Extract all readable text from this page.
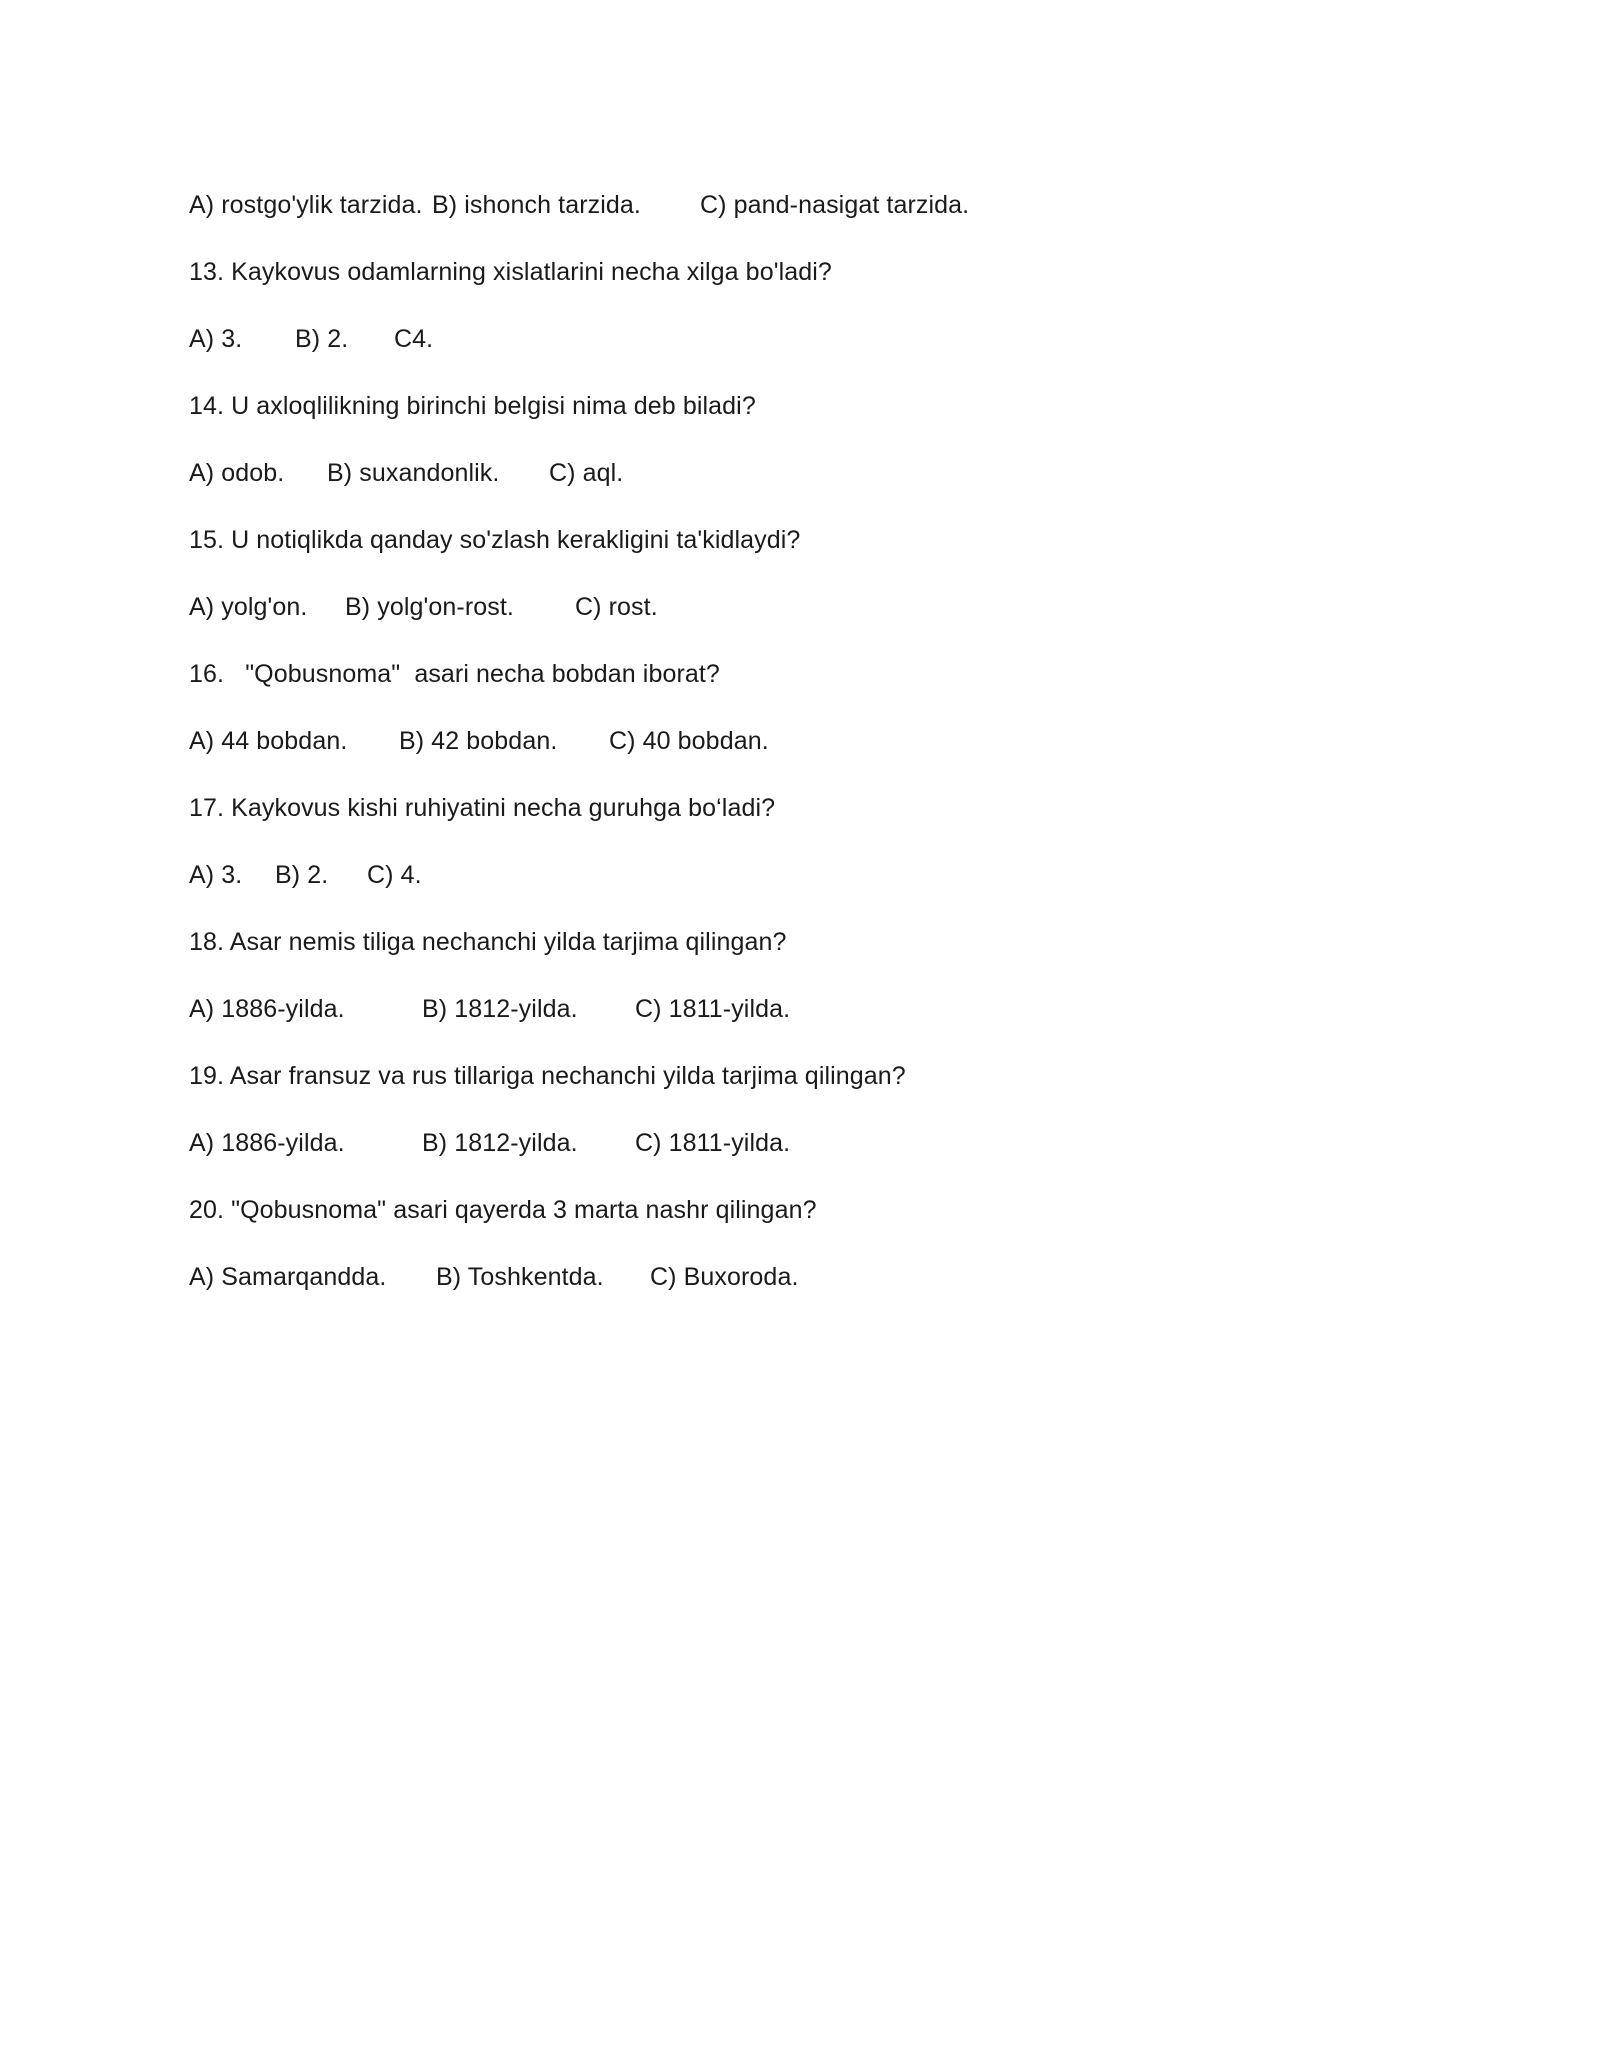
A) rostgo'ylik tarzida. B) ishonch tarzida. C) pand-nasigat tarzida.
13. Kaykovus odamlarning xislatlarini necha xilga bo'ladi?
A) 3. B) 2. C4.
14. U axloqlilikning birinchi belgisi nima deb biladi?
A) odob. B) suxandonlik. C) aql.
15. U notiqlikda qanday so'zlash kerakligini ta'kidlaydi?
A) yolg'on. B) yolg'on-rost. C) rost.
16.   "Qobusnoma"  asari necha bobdan iborat?
A) 44 bobdan. B) 42 bobdan. C) 40 bobdan.
17. Kaykovus kishi ruhiyatini necha guruhga bo‘ladi?
A) 3. B) 2. C) 4.
18. Asar nemis tiliga nechanchi yilda tarjima qilingan?
A) 1886-yilda.	B) 1812-yilda. C) 1811-yilda.
19. Asar fransuz va rus tillariga nechanchi yilda tarjima qilingan?
A) 1886-yilda.	B) 1812-yilda. C) 1811-yilda.
20. "Qobusnoma" asari qayerda 3 marta nashr qilingan?
A) Samarqandda. B) Toshkentda. C) Buxoroda.
